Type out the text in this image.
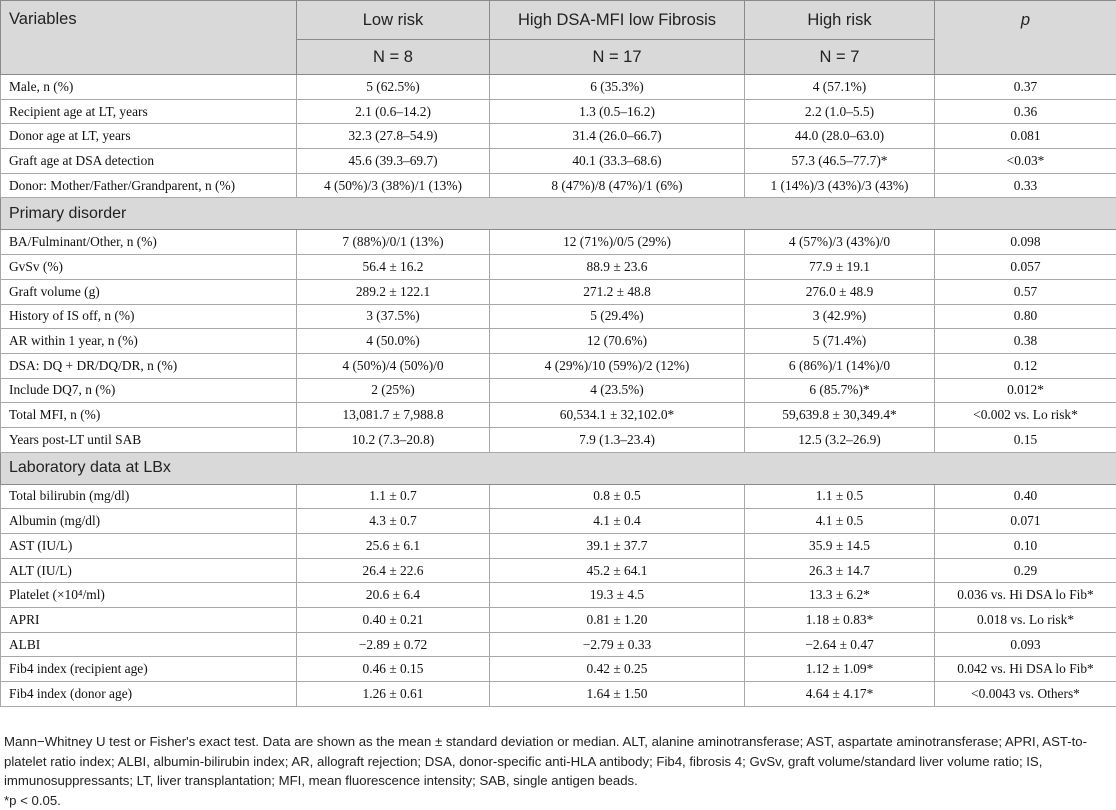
Variables	Low risk	High DSA-MFI low Fibrosis	High risk	p
	N = 8	N = 17	N = 7	
Male, n (%)	5 (62.5%)	6 (35.3%)	4 (57.1%)	0.37
Recipient age at LT, years	2.1 (0.6–14.2)	1.3 (0.5–16.2)	2.2 (1.0–5.5)	0.36
Donor age at LT, years	32.3 (27.8–54.9)	31.4 (26.0–66.7)	44.0 (28.0–63.0)	0.081
Graft age at DSA detection	45.6 (39.3–69.7)	40.1 (33.3–68.6)	57.3 (46.5–77.7)*	<0.03*
Donor: Mother/Father/Grandparent, n (%)	4 (50%)/3 (38%)/1 (13%)	8 (47%)/8 (47%)/1 (6%)	1 (14%)/3 (43%)/3 (43%)	0.33
Primary disorder				
BA/Fulminant/Other, n (%)	7 (88%)/0/1 (13%)	12 (71%)/0/5 (29%)	4 (57%)/3 (43%)/0	0.098
GvSv (%)	56.4 ± 16.2	88.9 ± 23.6	77.9 ± 19.1	0.057
Graft volume (g)	289.2 ± 122.1	271.2 ± 48.8	276.0 ± 48.9	0.57
History of IS off, n (%)	3 (37.5%)	5 (29.4%)	3 (42.9%)	0.80
AR within 1 year, n (%)	4 (50.0%)	12 (70.6%)	5 (71.4%)	0.38
DSA: DQ + DR/DQ/DR, n (%)	4 (50%)/4 (50%)/0	4 (29%)/10 (59%)/2 (12%)	6 (86%)/1 (14%)/0	0.12
Include DQ7, n (%)	2 (25%)	4 (23.5%)	6 (85.7%)*	0.012*
Total MFI, n (%)	13,081.7 ± 7,988.8	60,534.1 ± 32,102.0*	59,639.8 ± 30,349.4*	<0.002 vs. Lo risk*
Years post-LT until SAB	10.2 (7.3–20.8)	7.9 (1.3–23.4)	12.5 (3.2–26.9)	0.15
Laboratory data at LBx				
Total bilirubin (mg/dl)	1.1 ± 0.7	0.8 ± 0.5	1.1 ± 0.5	0.40
Albumin (mg/dl)	4.3 ± 0.7	4.1 ± 0.4	4.1 ± 0.5	0.071
AST (IU/L)	25.6 ± 6.1	39.1 ± 37.7	35.9 ± 14.5	0.10
ALT (IU/L)	26.4 ± 22.6	45.2 ± 64.1	26.3 ± 14.7	0.29
Platelet (×10⁴/ml)	20.6 ± 6.4	19.3 ± 4.5	13.3 ± 6.2*	0.036 vs. Hi DSA lo Fib*
APRI	0.40 ± 0.21	0.81 ± 1.20	1.18 ± 0.83*	0.018 vs. Lo risk*
ALBI	−2.89 ± 0.72	−2.79 ± 0.33	−2.64 ± 0.47	0.093
Fib4 index (recipient age)	0.46 ± 0.15	0.42 ± 0.25	1.12 ± 1.09*	0.042 vs. Hi DSA lo Fib*
Fib4 index (donor age)	1.26 ± 0.61	1.64 ± 1.50	4.64 ± 4.17*	<0.0043 vs. Others*

Mann−Whitney U test or Fisher's exact test. Data are shown as the mean ± standard deviation or median. ALT, alanine aminotransferase; AST, aspartate aminotransferase; APRI, AST-to-platelet ratio index; ALBI, albumin-bilirubin index; AR, allograft rejection; DSA, donor-specific anti-HLA antibody; Fib4, fibrosis 4; GvSv, graft volume/standard liver volume ratio; IS, immunosuppressants; LT, liver transplantation; MFI, mean fluorescence intensity; SAB, single antigen beads.

*p < 0.05.
